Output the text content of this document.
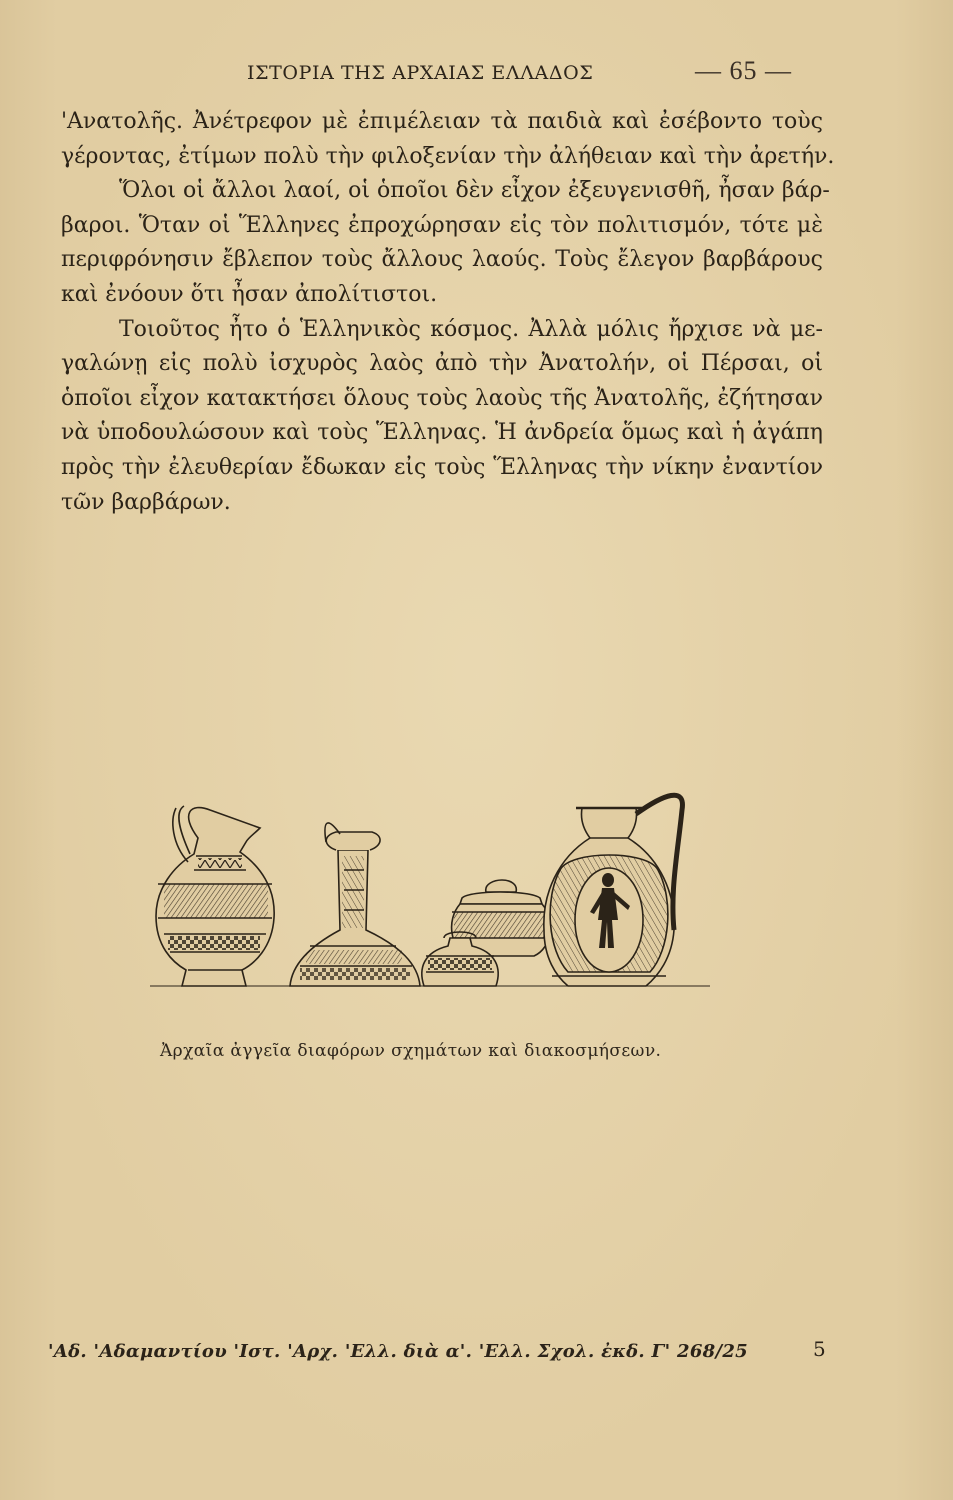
ΙΣΤΟΡΙΑ ΤΗΣ ΑΡΧΑΙΑΣ ΕΛΛΑΔΟΣ	— 65 —
'Ανατολῆς. Ἀνέτρεφον μὲ ἐπιμέλειαν τὰ παιδιὰ καὶ ἐσέβοντο τοὺς
γέροντας, ἐτίμων πολὺ τὴν φιλοξενίαν τὴν ἀλήθειαν καὶ τὴν ἀρετήν.
Ὅλοι οἱ ἄλλοι λαοί, οἱ ὁποῖοι δὲν εἶχον ἐξευγενισθῆ, ἦσαν βάρ-
βαροι. Ὅταν οἱ Ἕλληνες ἐπροχώρησαν εἰς τὸν πολιτισμόν, τότε μὲ
περιφρόνησιν ἔβλεπον τοὺς ἄλλους λαούς. Τοὺς ἔλεγον βαρβάρους
καὶ ἐνόουν ὅτι ἦσαν ἀπολίτιστοι.
Τοιοῦτος ἦτο ὁ Ἑλληνικὸς κόσμος. Ἀλλὰ μόλις ἤρχισε νὰ με-
γαλώνῃ εἰς πολὺ ἰσχυρὸς λαὸς ἀπὸ τὴν Ἀνατολήν, οἱ Πέρσαι, οἱ
ὁποῖοι εἶχον κατακτήσει ὅλους τοὺς λαοὺς τῆς Ἀνατολῆς, ἐζήτησαν
νὰ ὑποδουλώσουν καὶ τοὺς Ἕλληνας. Ἡ ἀνδρεία ὅμως καὶ ἡ ἀγάπη
πρὸς τὴν ἐλευθερίαν ἔδωκαν εἰς τοὺς Ἕλληνας τὴν νίκην ἐναντίον
τῶν βαρβάρων.
Ἀρχαῖα ἀγγεῖα διαφόρων σχημάτων καὶ διακοσμήσεων.
'Αδ. 'Αδαμαντίου 'Ιστ. 'Αρχ. 'Ελλ. διὰ α'. 'Ελλ. Σχολ. ἐκδ. Γ' 268/25	5
